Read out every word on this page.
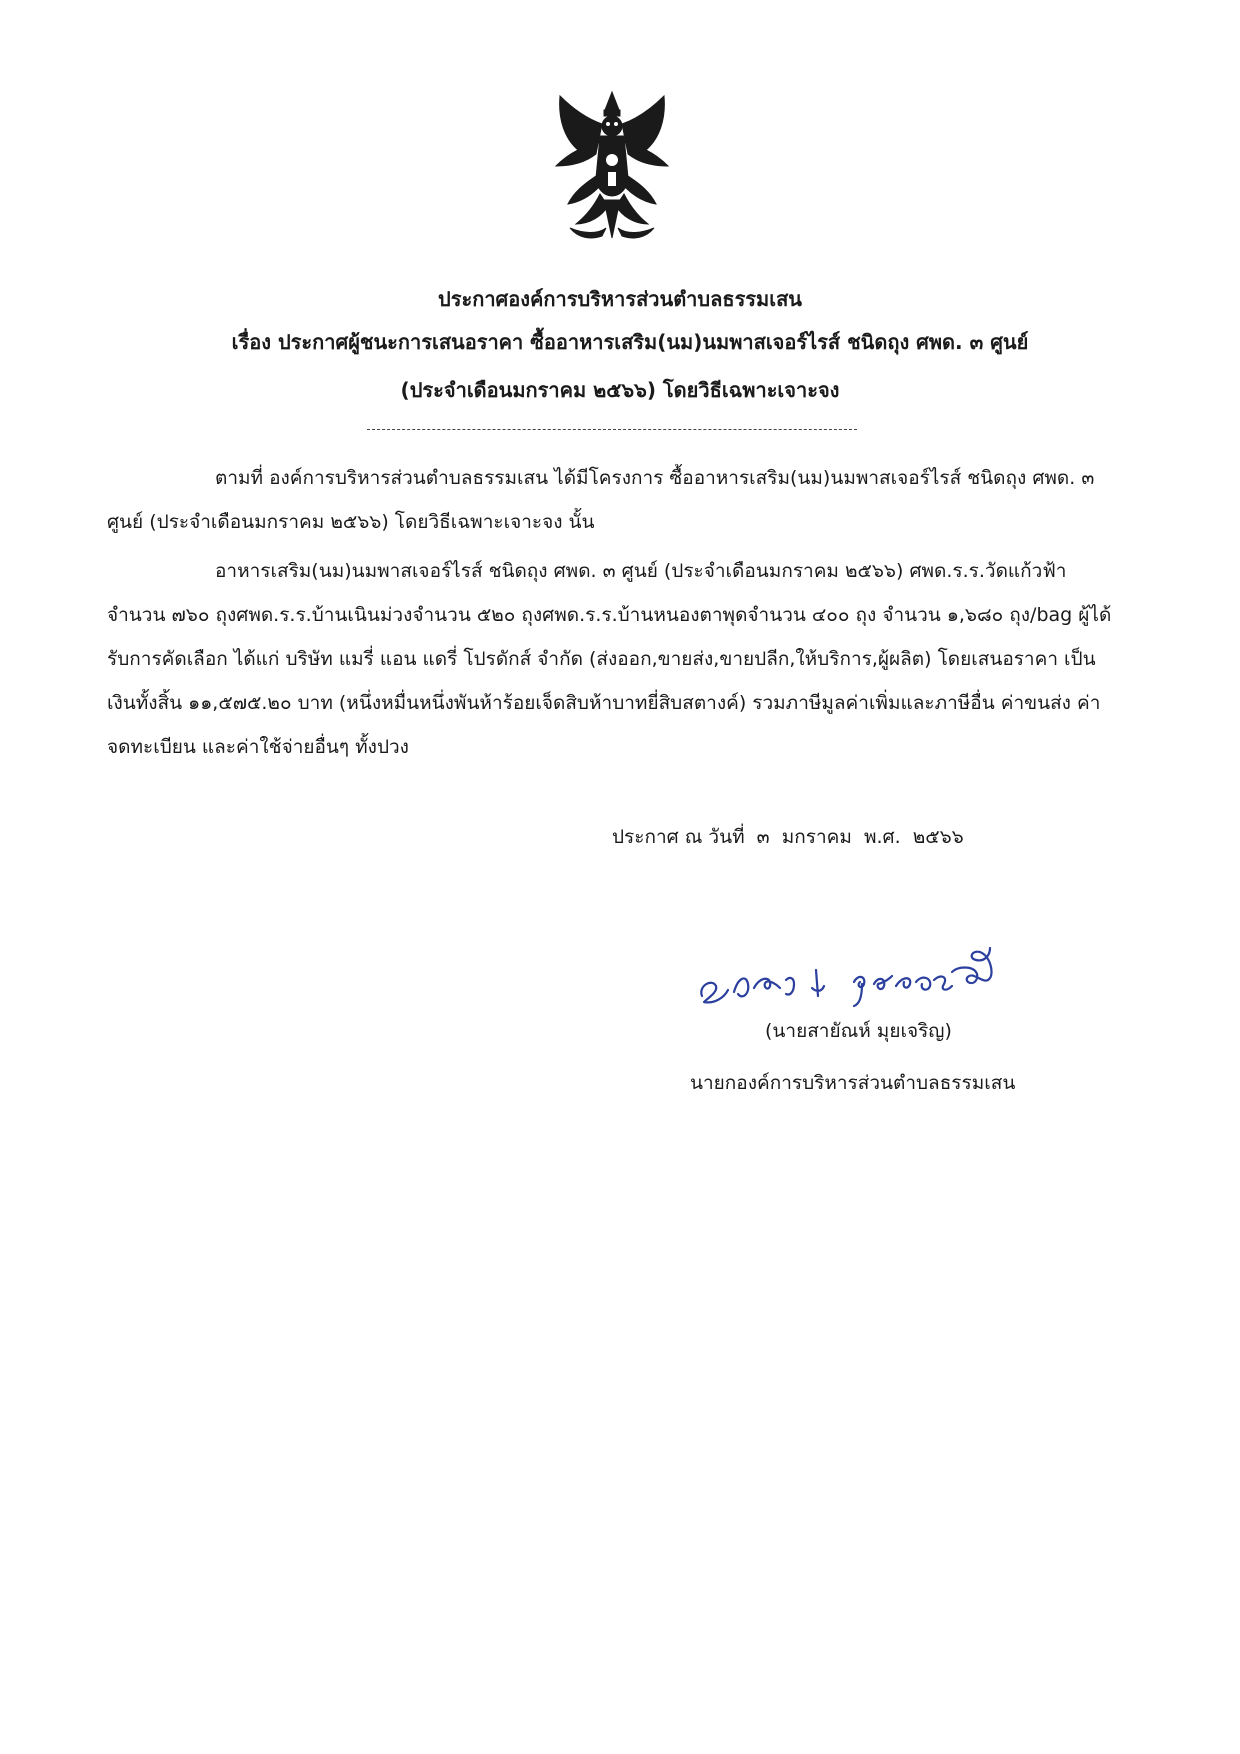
ประกาศองค์การบริหารส่วนตำบลธรรมเสน
เรื่อง ประกาศผู้ชนะการเสนอราคา ซื้ออาหารเสริม(นม)นมพาสเจอร์ไรส์ ชนิดถุง ศพด. ๓ ศูนย์
(ประจำเดือนมกราคม ๒๕๖๖) โดยวิธีเฉพาะเจาะจง

ตามที่ องค์การบริหารส่วนตำบลธรรมเสน ได้มีโครงการ ซื้ออาหารเสริม(นม)นมพาสเจอร์ไรส์ ชนิดถุง ศพด. ๓ ศูนย์ (ประจำเดือนมกราคม ๒๕๖๖) โดยวิธีเฉพาะเจาะจง นั้น

อาหารเสริม(นม)นมพาสเจอร์ไรส์ ชนิดถุง ศพด. ๓ ศูนย์ (ประจำเดือนมกราคม ๒๕๖๖) ศพด.ร.ร.วัดแก้วฟ้าจำนวน ๗๖๐ ถุงศพด.ร.ร.บ้านเนินม่วงจำนวน ๕๒๐ ถุงศพด.ร.ร.บ้านหนองตาพุดจำนวน ๔๐๐ ถุง จำนวน ๑,๖๘๐ ถุง/bag ผู้ได้รับการคัดเลือก ได้แก่ บริษัท แมรี่ แอน แดรี่ โปรดักส์ จำกัด (ส่งออก,ขายส่ง,ขายปลีก,ให้บริการ,ผู้ผลิต) โดยเสนอราคา เป็นเงินทั้งสิ้น ๑๑,๕๗๕.๒๐ บาท (หนึ่งหมื่นหนึ่งพันห้าร้อยเจ็ดสิบห้าบาทยี่สิบสตางค์) รวมภาษีมูลค่าเพิ่มและภาษีอื่น ค่าขนส่ง ค่าจดทะเบียน และค่าใช้จ่ายอื่นๆ ทั้งปวง

ประกาศ ณ วันที่  ๓  มกราคม  พ.ศ.  ๒๕๖๖
(นายสายัณห์ มุยเจริญ)
นายกองค์การบริหารส่วนตำบลธรรมเสน
